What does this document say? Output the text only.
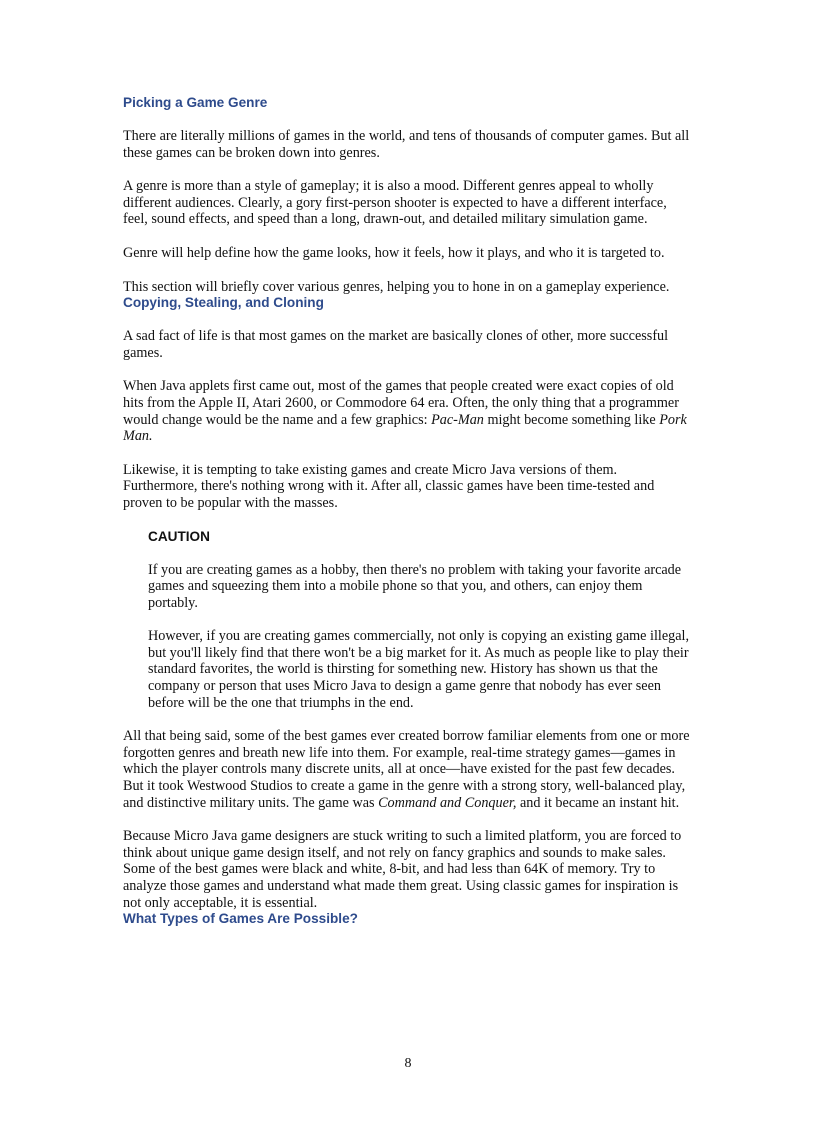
Picking a Game Genre

There are literally millions of games in the world, and tens of thousands of computer games. But all these games can be broken down into genres.

A genre is more than a style of gameplay; it is also a mood. Different genres appeal to wholly different audiences. Clearly, a gory first-person shooter is expected to have a different interface, feel, sound effects, and speed than a long, drawn-out, and detailed military simulation game.

Genre will help define how the game looks, how it feels, how it plays, and who it is targeted to.

This section will briefly cover various genres, helping you to hone in on a gameplay experience.

Copying, Stealing, and Cloning

A sad fact of life is that most games on the market are basically clones of other, more successful games.

When Java applets first came out, most of the games that people created were exact copies of old hits from the Apple II, Atari 2600, or Commodore 64 era. Often, the only thing that a programmer would change would be the name and a few graphics: Pac-Man might become something like Pork Man.

Likewise, it is tempting to take existing games and create Micro Java versions of them. Furthermore, there's nothing wrong with it. After all, classic games have been time-tested and proven to be popular with the masses.

CAUTION

If you are creating games as a hobby, then there's no problem with taking your favorite arcade games and squeezing them into a mobile phone so that you, and others, can enjoy them portably.

However, if you are creating games commercially, not only is copying an existing game illegal, but you'll likely find that there won't be a big market for it. As much as people like to play their standard favorites, the world is thirsting for something new. History has shown us that the company or person that uses Micro Java to design a game genre that nobody has ever seen before will be the one that triumphs in the end.

All that being said, some of the best games ever created borrow familiar elements from one or more forgotten genres and breath new life into them. For example, real-time strategy games—games in which the player controls many discrete units, all at once—have existed for the past few decades. But it took Westwood Studios to create a game in the genre with a strong story, well-balanced play, and distinctive military units. The game was Command and Conquer, and it became an instant hit.

Because Micro Java game designers are stuck writing to such a limited platform, you are forced to think about unique game design itself, and not rely on fancy graphics and sounds to make sales. Some of the best games were black and white, 8-bit, and had less than 64K of memory. Try to analyze those games and understand what made them great. Using classic games for inspiration is not only acceptable, it is essential.

What Types of Games Are Possible?
8
